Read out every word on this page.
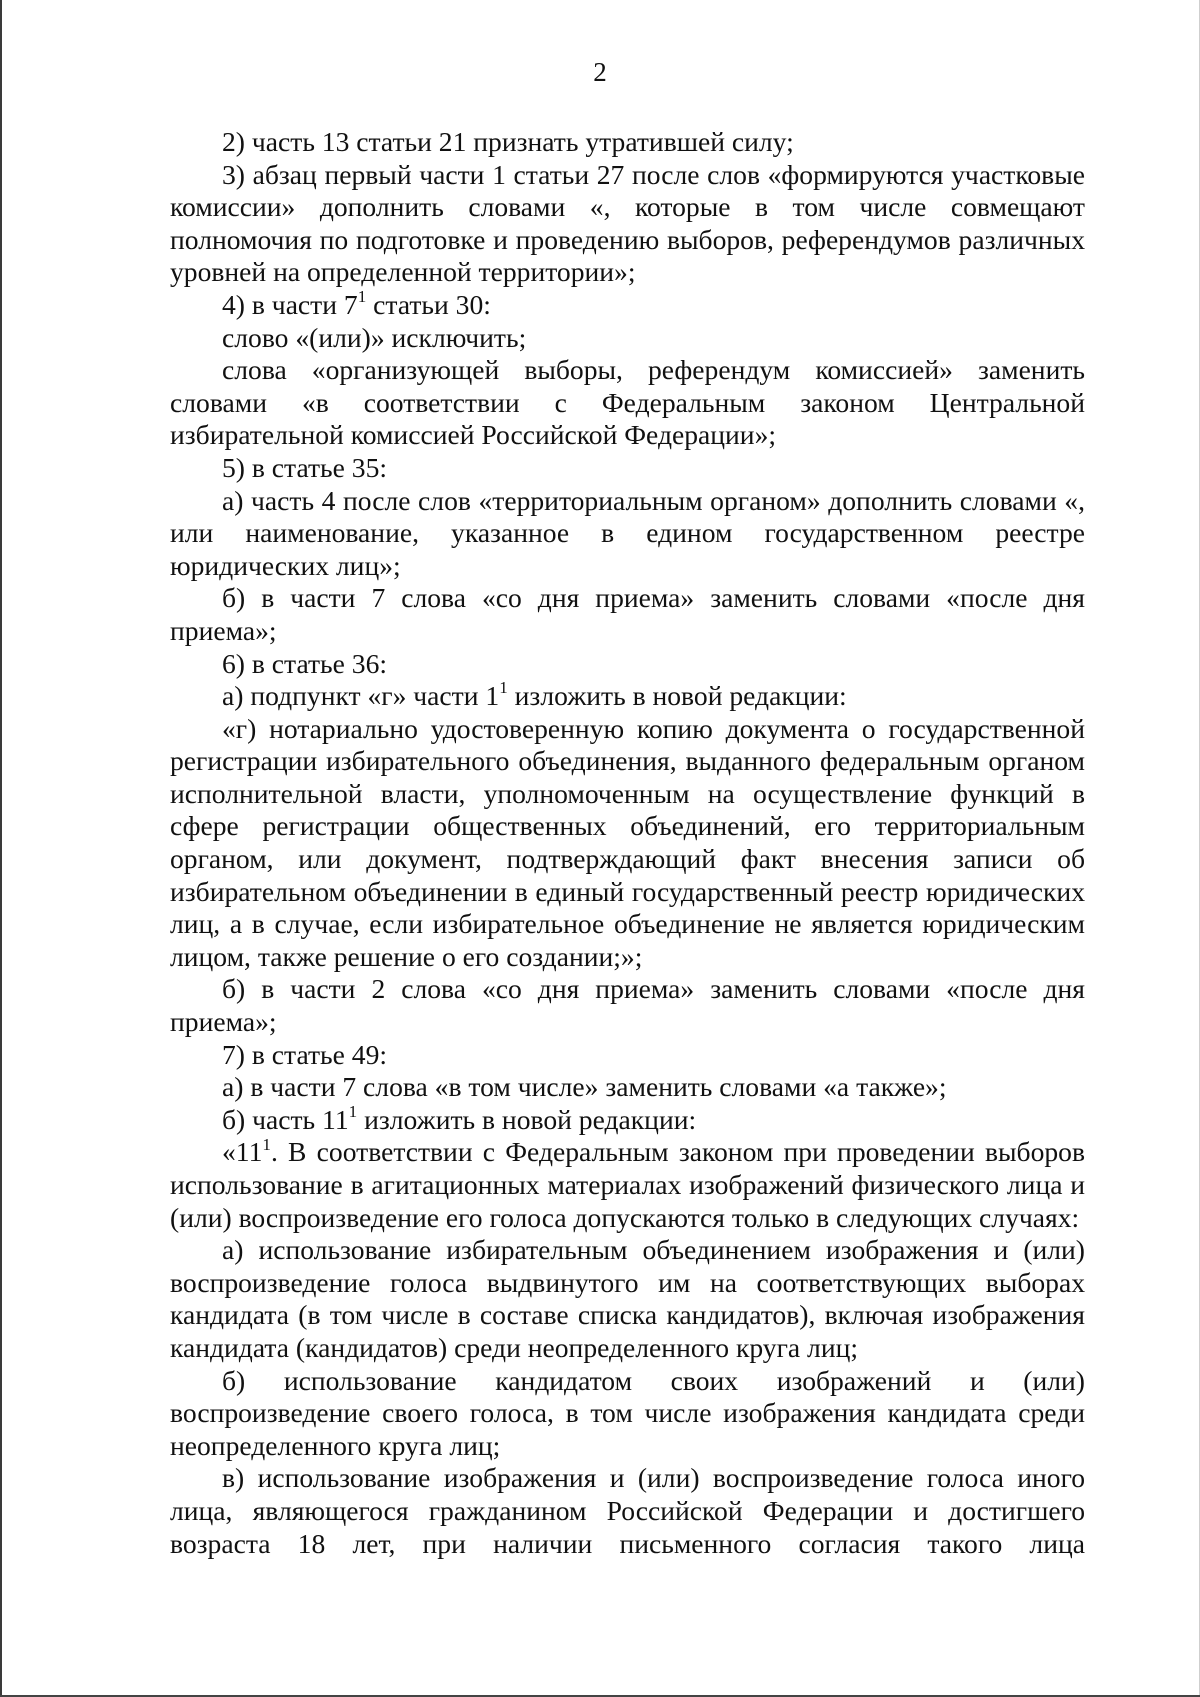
2

2) часть 13 статьи 21 признать утратившей силу;

3) абзац первый части 1 статьи 27 после слов «формируются участковые комиссии» дополнить словами «, которые в том числе совмещают полномочия по подготовке и проведению выборов, референдумов различных уровней на определенной территории»;

4) в части $7^1$ статьи 30:

слово «(или)» исключить;

слова «организующей выборы, референдум комиссией» заменить словами «в соответствии с Федеральным законом Центральной избирательной комиссией Российской Федерации»;

5) в статье 35:

а) часть 4 после слов «территориальным органом» дополнить словами «, или наименование, указанное в едином государственном реестре юридических лиц»;

б) в части 7 слова «со дня приема» заменить словами «после дня приема»;

6) в статье 36:

а) подпункт «г» части $1^1$ изложить в новой редакции:

«г) нотариально удостоверенную копию документа о государственной регистрации избирательного объединения, выданного федеральным органом исполнительной власти, уполномоченным на осуществление функций в сфере регистрации общественных объединений, его территориальным органом, или документ, подтверждающий факт внесения записи об избирательном объединении в единый государственный реестр юридических лиц, а в случае, если избирательное объединение не является юридическим лицом, также решение о его создании;»;

б) в части 2 слова «со дня приема» заменить словами «после дня приема»;

7) в статье 49:

а) в части 7 слова «в том числе» заменить словами «а также»;

б) часть $11^1$ изложить в новой редакции:

«$11^1$. В соответствии с Федеральным законом при проведении выборов использование в агитационных материалах изображений физического лица и (или) воспроизведение его голоса допускаются только в следующих случаях:

а) использование избирательным объединением изображения и (или) воспроизведение голоса выдвинутого им на соответствующих выборах кандидата (в том числе в составе списка кандидатов), включая изображения кандидата (кандидатов) среди неопределенного круга лиц;

б) использование кандидатом своих изображений и (или) воспроизведение своего голоса, в том числе изображения кандидата среди неопределенного круга лиц;

в) использование изображения и (или) воспроизведение голоса иного лица, являющегося гражданином Российской Федерации и достигшего возраста 18 лет, при наличии письменного согласия такого лица
